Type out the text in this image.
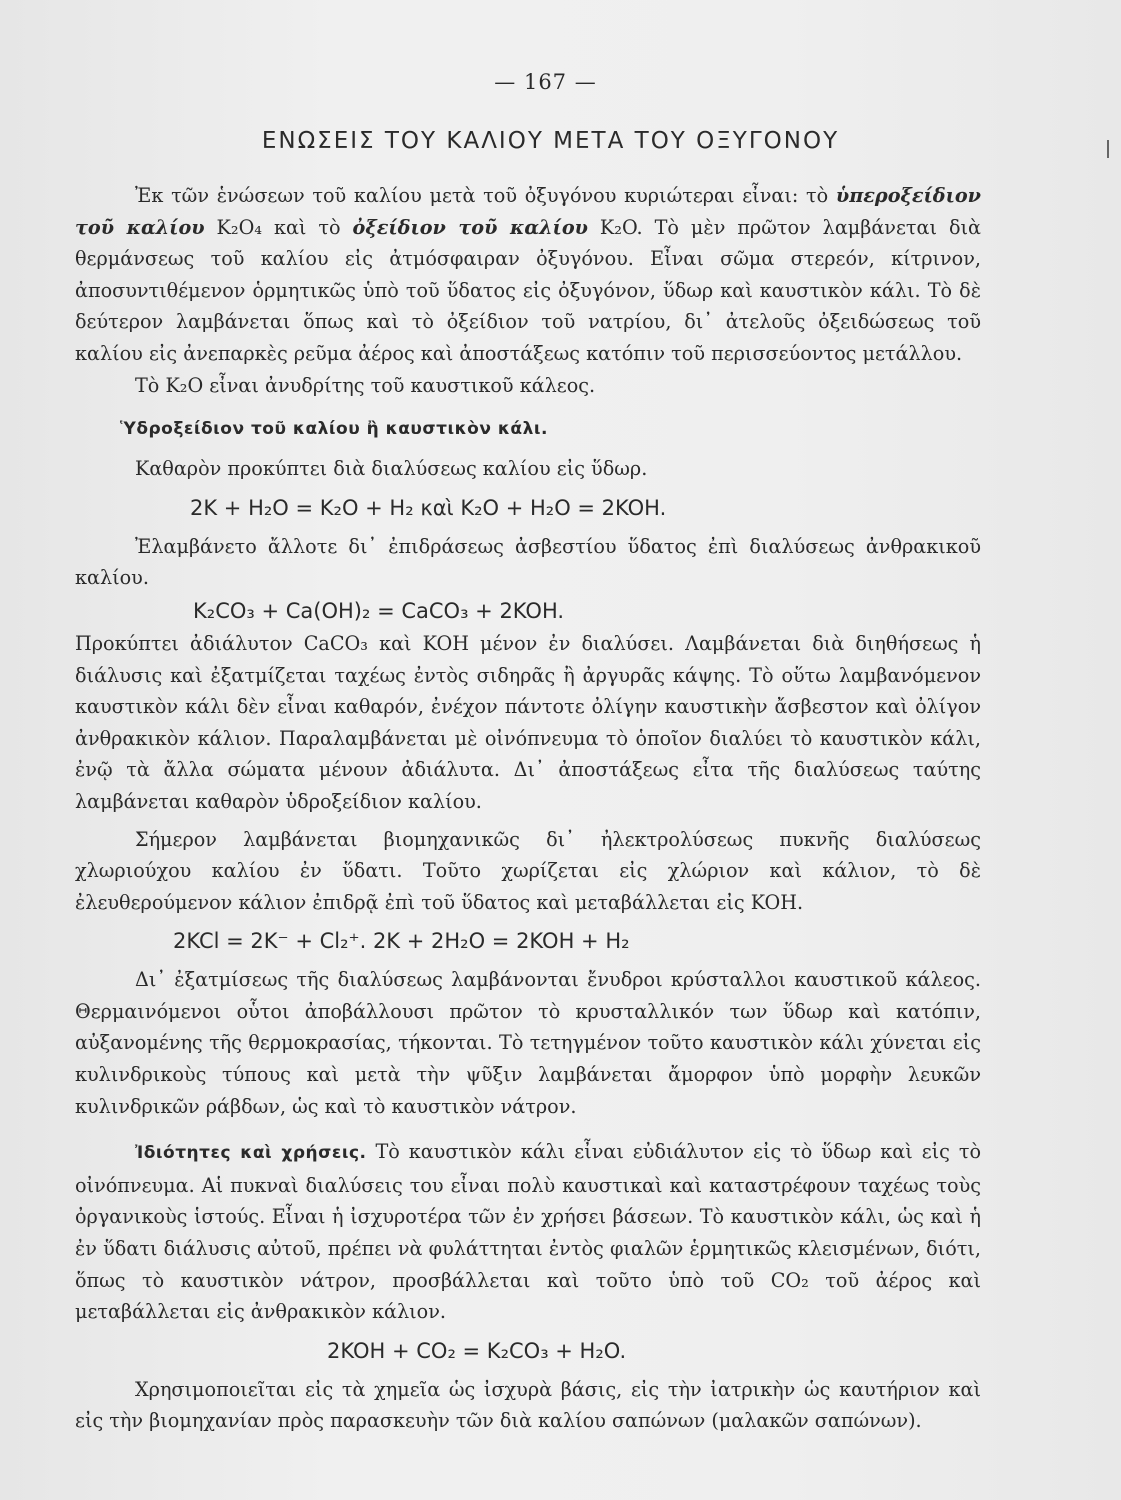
— 167 —
ΕΝΩΣΕΙΣ ΤΟΥ ΚΑΛΙΟΥ ΜΕΤΑ ΤΟΥ ΟΞΥΓΟΝΟΥ

Ἐκ τῶν ἑνώσεων τοῦ καλίου μετὰ τοῦ ὀξυγόνου κυριώτεραι εἶναι: τὸ ὑπεροξείδιον τοῦ καλίου K₂O₄ καὶ τὸ ὀξείδιον τοῦ καλίου K₂O. Τὸ μὲν πρῶτον λαμβάνεται διὰ θερμάνσεως τοῦ καλίου εἰς ἀτμόσφαιραν ὀξυγόνου. Εἶναι σῶμα στερεόν, κίτρινον, ἀποσυντιθέμενον ὁρμητικῶς ὑπὸ τοῦ ὕδατος εἰς ὀξυγόνον, ὕδωρ καὶ καυστικὸν κάλι. Τὸ δὲ δεύτερον λαμβάνεται ὅπως καὶ τὸ ὀξείδιον τοῦ νατρίου, δι᾽ ἀτελοῦς ὀξειδώσεως τοῦ καλίου εἰς ἀνεπαρκὲς ρεῦμα ἀέρος καὶ ἀποστάξεως κατόπιν τοῦ περισσεύοντος μετάλλου.

Τὸ K₂O εἶναι ἀνυδρίτης τοῦ καυστικοῦ κάλεος.

Ὑδροξείδιον τοῦ καλίου ἢ καυστικὸν κάλι.

Καθαρὸν προκύπτει διὰ διαλύσεως καλίου εἰς ὕδωρ.

2K + H₂O = K₂O + H₂ καὶ K₂O + H₂O = 2KOH.

Ἐλαμβάνετο ἄλλοτε δι᾽ ἐπιδράσεως ἀσβεστίου ὕδατος ἐπὶ διαλύσεως ἀνθρακικοῦ καλίου.

K₂CO₃ + Ca(OH)₂ = CaCO₃ + 2KOH.

Προκύπτει ἀδιάλυτον CaCO₃ καὶ KOH μένον ἐν διαλύσει. Λαμβάνεται διὰ διηθήσεως ἡ διάλυσις καὶ ἐξατμίζεται ταχέως ἐντὸς σιδηρᾶς ἢ ἀργυρᾶς κάψης. Τὸ οὕτω λαμβανόμενον καυστικὸν κάλι δὲν εἶναι καθαρόν, ἐνέχον πάντοτε ὀλίγην καυστικὴν ἄσβεστον καὶ ὀλίγον ἀνθρακικὸν κάλιον. Παραλαμβάνεται μὲ οἰνόπνευμα τὸ ὁποῖον διαλύει τὸ καυστικὸν κάλι, ἐνῷ τὰ ἄλλα σώματα μένουν ἀδιάλυτα. Δι᾽ ἀποστάξεως εἶτα τῆς διαλύσεως ταύτης λαμβάνεται καθαρὸν ὑδροξείδιον καλίου.

Σήμερον λαμβάνεται βιομηχανικῶς δι᾽ ἠλεκτρολύσεως πυκνῆς διαλύσεως χλωριούχου καλίου ἐν ὕδατι. Τοῦτο χωρίζεται εἰς χλώριον καὶ κάλιον, τὸ δὲ ἐλευθερούμενον κάλιον ἐπιδρᾷ ἐπὶ τοῦ ὕδατος καὶ μεταβάλλεται εἰς KOH.

2KCl = 2K⁻ + Cl₂⁺. 2K + 2H₂O = 2KOH + H₂

Δι᾽ ἐξατμίσεως τῆς διαλύσεως λαμβάνονται ἔνυδροι κρύσταλλοι καυστικοῦ κάλεος. Θερμαινόμενοι οὗτοι ἀποβάλλουσι πρῶτον τὸ κρυσταλλικόν των ὕδωρ καὶ κατόπιν, αὐξανομένης τῆς θερμοκρασίας, τήκονται. Τὸ τετηγμένον τοῦτο καυστικὸν κάλι χύνεται εἰς κυλινδρικοὺς τύπους καὶ μετὰ τὴν ψῦξιν λαμβάνεται ἄμορφον ὑπὸ μορφὴν λευκῶν κυλινδρικῶν ράβδων, ὡς καὶ τὸ καυστικὸν νάτρον.

Ἰδιότητες καὶ χρήσεις. Τὸ καυστικὸν κάλι εἶναι εὐδιάλυτον εἰς τὸ ὕδωρ καὶ εἰς τὸ οἰνόπνευμα. Αἱ πυκναὶ διαλύσεις του εἶναι πολὺ καυστικαὶ καὶ καταστρέφουν ταχέως τοὺς ὀργανικοὺς ἱστούς. Εἶναι ἡ ἰσχυροτέρα τῶν ἐν χρήσει βάσεων. Τὸ καυστικὸν κάλι, ὡς καὶ ἡ ἐν ὕδατι διάλυσις αὐτοῦ, πρέπει νὰ φυλάττηται ἐντὸς φιαλῶν ἑρμητικῶς κλεισμένων, διότι, ὅπως τὸ καυστικὸν νάτρον, προσβάλλεται καὶ τοῦτο ὑπὸ τοῦ CO₂ τοῦ ἀέρος καὶ μεταβάλλεται εἰς ἀνθρακικὸν κάλιον.

2KOH + CO₂ = K₂CO₃ + H₂O.

Χρησιμοποιεῖται εἰς τὰ χημεῖα ὡς ἰσχυρὰ βάσις, εἰς τὴν ἰατρικὴν ὡς καυτήριον καὶ εἰς τὴν βιομηχανίαν πρὸς παρασκευὴν τῶν διὰ καλίου σαπώνων (μαλακῶν σαπώνων).
